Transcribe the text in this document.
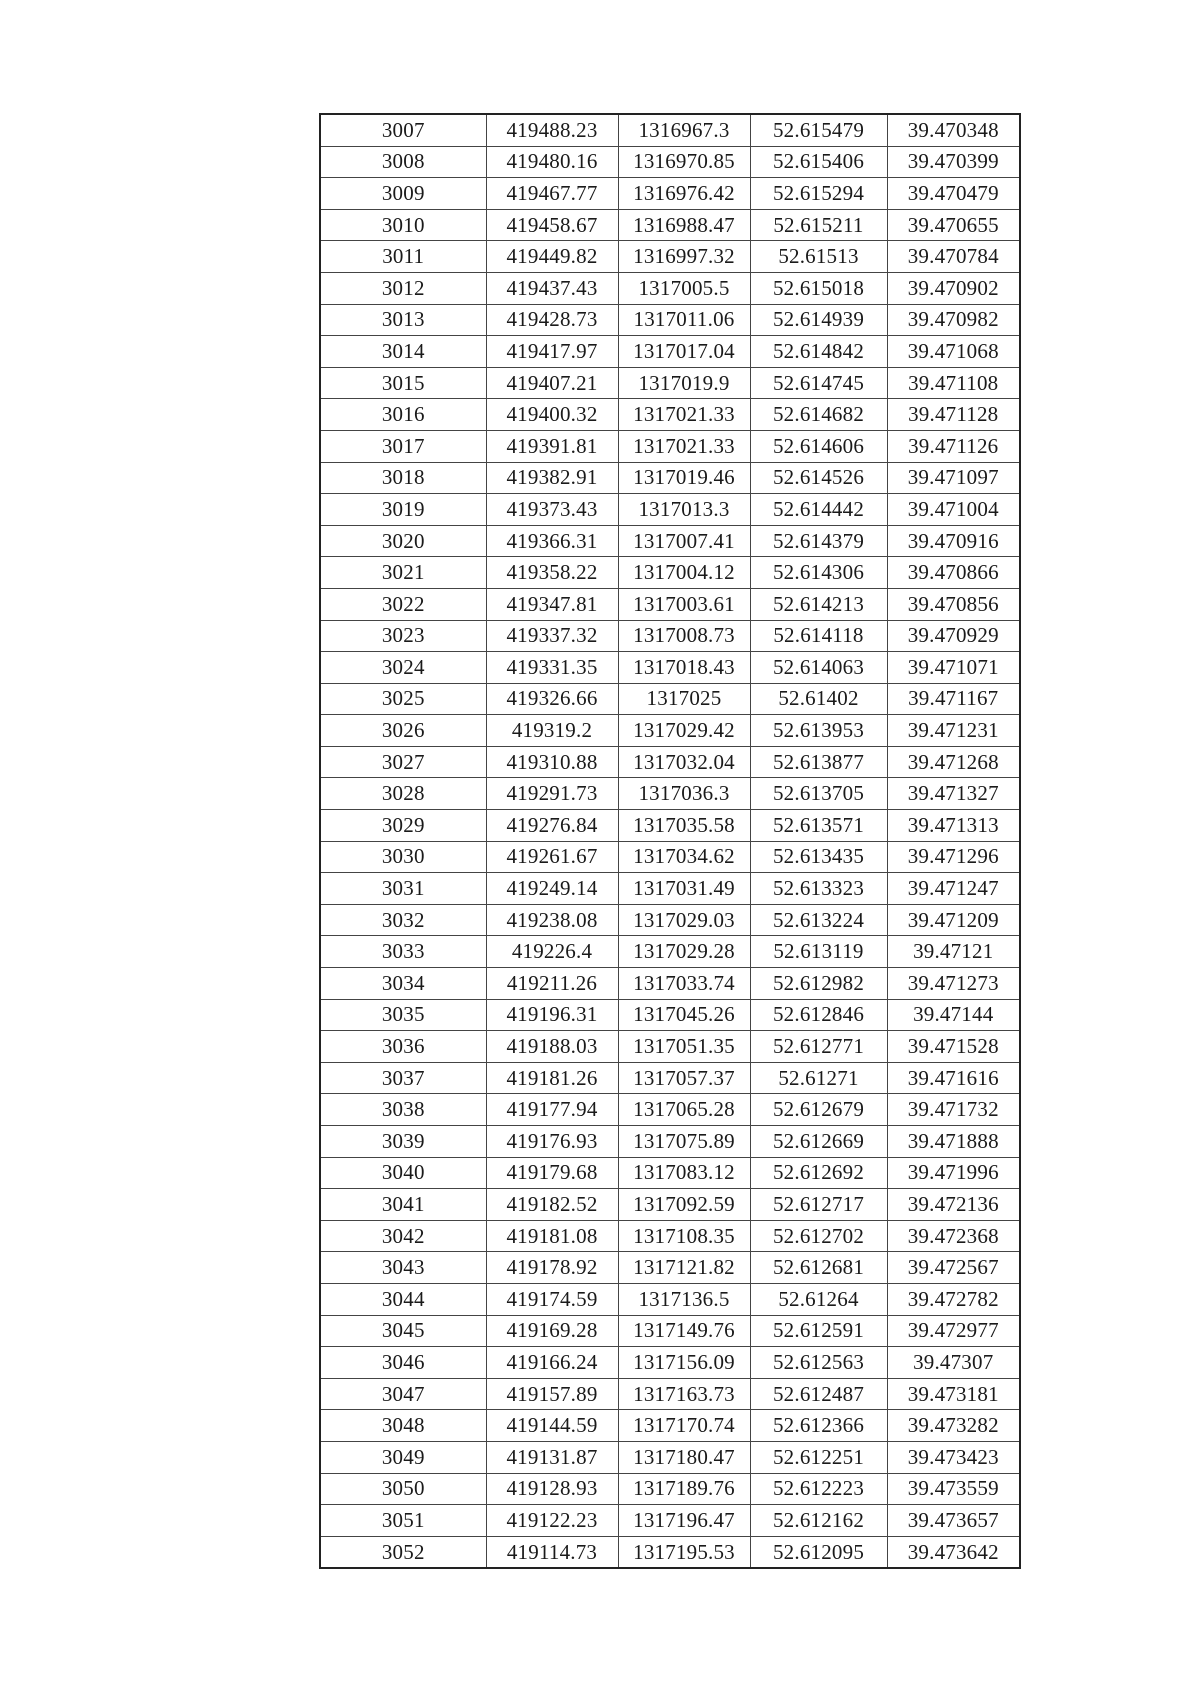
3007	419488.23	1316967.3	52.615479	39.470348
3008	419480.16	1316970.85	52.615406	39.470399
3009	419467.77	1316976.42	52.615294	39.470479
3010	419458.67	1316988.47	52.615211	39.470655
3011	419449.82	1316997.32	52.61513	39.470784
3012	419437.43	1317005.5	52.615018	39.470902
3013	419428.73	1317011.06	52.614939	39.470982
3014	419417.97	1317017.04	52.614842	39.471068
3015	419407.21	1317019.9	52.614745	39.471108
3016	419400.32	1317021.33	52.614682	39.471128
3017	419391.81	1317021.33	52.614606	39.471126
3018	419382.91	1317019.46	52.614526	39.471097
3019	419373.43	1317013.3	52.614442	39.471004
3020	419366.31	1317007.41	52.614379	39.470916
3021	419358.22	1317004.12	52.614306	39.470866
3022	419347.81	1317003.61	52.614213	39.470856
3023	419337.32	1317008.73	52.614118	39.470929
3024	419331.35	1317018.43	52.614063	39.471071
3025	419326.66	1317025	52.61402	39.471167
3026	419319.2	1317029.42	52.613953	39.471231
3027	419310.88	1317032.04	52.613877	39.471268
3028	419291.73	1317036.3	52.613705	39.471327
3029	419276.84	1317035.58	52.613571	39.471313
3030	419261.67	1317034.62	52.613435	39.471296
3031	419249.14	1317031.49	52.613323	39.471247
3032	419238.08	1317029.03	52.613224	39.471209
3033	419226.4	1317029.28	52.613119	39.47121
3034	419211.26	1317033.74	52.612982	39.471273
3035	419196.31	1317045.26	52.612846	39.47144
3036	419188.03	1317051.35	52.612771	39.471528
3037	419181.26	1317057.37	52.61271	39.471616
3038	419177.94	1317065.28	52.612679	39.471732
3039	419176.93	1317075.89	52.612669	39.471888
3040	419179.68	1317083.12	52.612692	39.471996
3041	419182.52	1317092.59	52.612717	39.472136
3042	419181.08	1317108.35	52.612702	39.472368
3043	419178.92	1317121.82	52.612681	39.472567
3044	419174.59	1317136.5	52.61264	39.472782
3045	419169.28	1317149.76	52.612591	39.472977
3046	419166.24	1317156.09	52.612563	39.47307
3047	419157.89	1317163.73	52.612487	39.473181
3048	419144.59	1317170.74	52.612366	39.473282
3049	419131.87	1317180.47	52.612251	39.473423
3050	419128.93	1317189.76	52.612223	39.473559
3051	419122.23	1317196.47	52.612162	39.473657
3052	419114.73	1317195.53	52.612095	39.473642
